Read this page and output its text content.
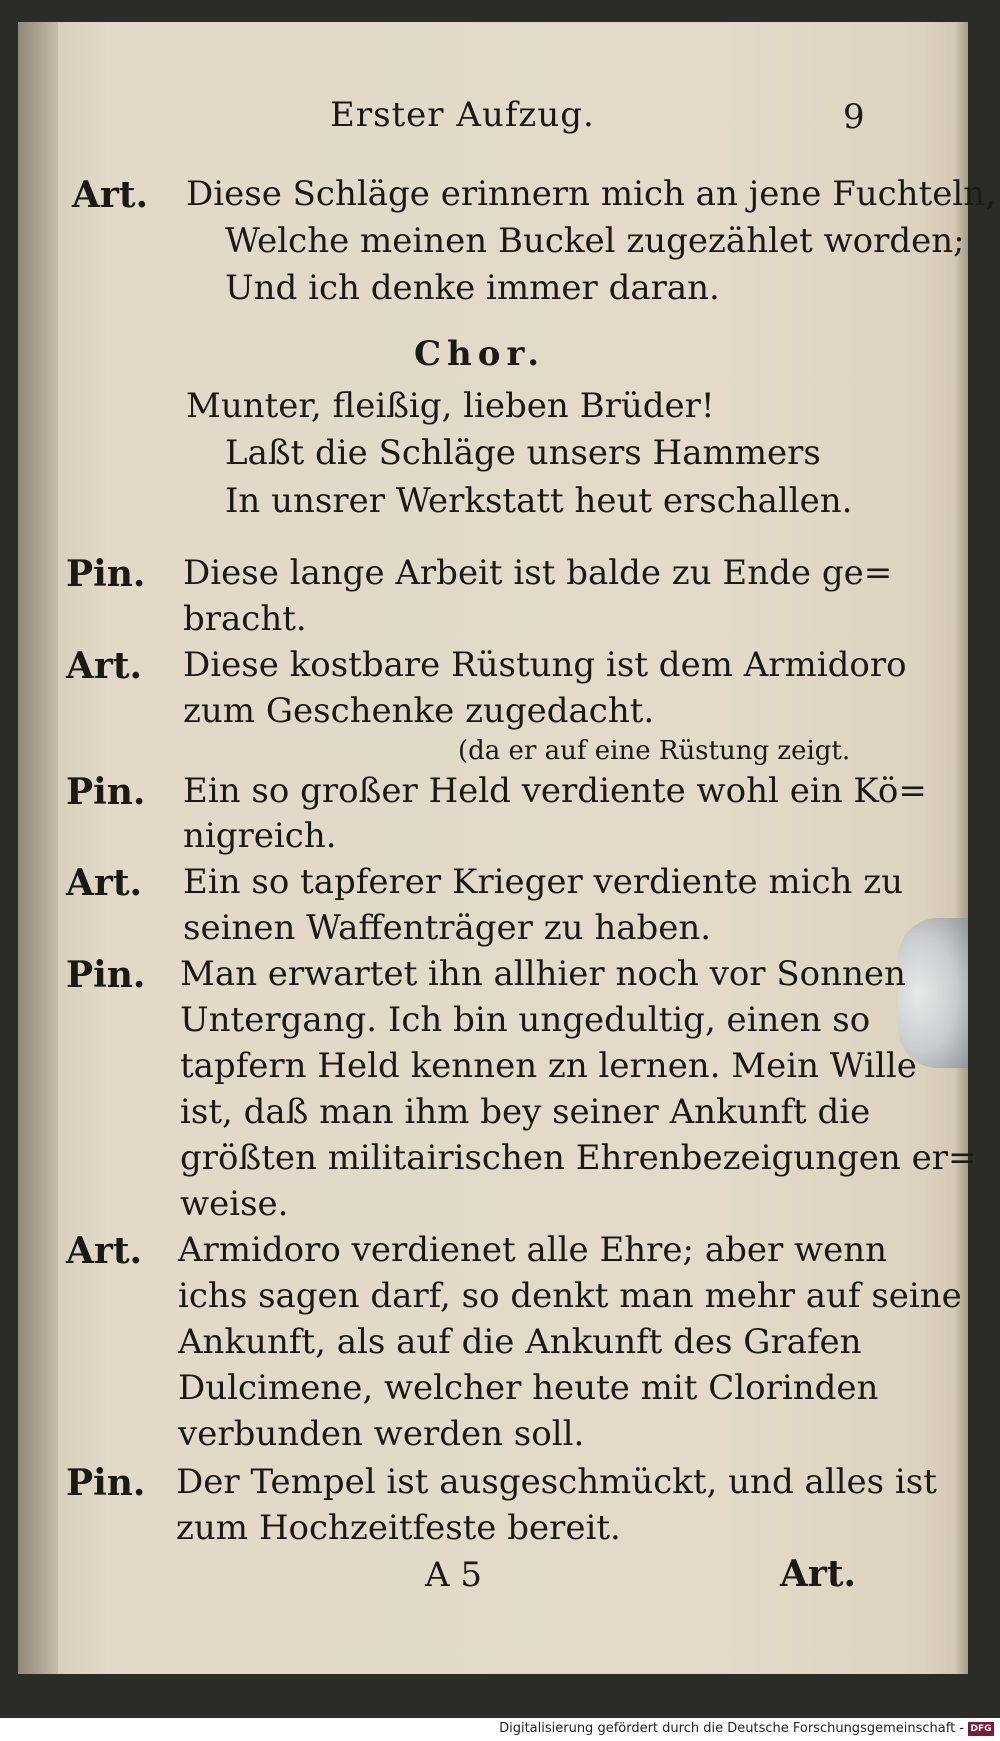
Erster Aufzug.	9
Art. Diese Schläge erinnern mich an jene Fuchteln,
Welche meinen Buckel zugezählet worden;
Und ich denke immer daran.
Chor.
Munter, fleißig, lieben Brüder!
Laßt die Schläge unsers Hammers
In unsrer Werkstatt heut erschallen.
Pin. Diese lange Arbeit ist balde zu Ende ge=
bracht.
Art. Diese kostbare Rüstung ist dem Armidoro
zum Geschenke zugedacht.
(da er auf eine Rüstung zeigt.
Pin. Ein so großer Held verdiente wohl ein Kö=
nigreich.
Art. Ein so tapferer Krieger verdiente mich zu
seinen Waffenträger zu haben.
Pin. Man erwartet ihn allhier noch vor Sonnen
Untergang. Ich bin ungedultig, einen so
tapfern Held kennen zn lernen. Mein Wille
ist, daß man ihm bey seiner Ankunft die
größten militairischen Ehrenbezeigungen er=
weise.
Art. Armidoro verdienet alle Ehre; aber wenn
ichs sagen darf, so denkt man mehr auf seine
Ankunft, als auf die Ankunft des Grafen
Dulcimene, welcher heute mit Clorinden
verbunden werden soll.
Pin. Der Tempel ist ausgeschmückt, und alles ist
zum Hochzeitfeste bereit.
A 5	Art.
Digitalisierung gefördert durch die Deutsche Forschungsgemeinschaft - DFG
